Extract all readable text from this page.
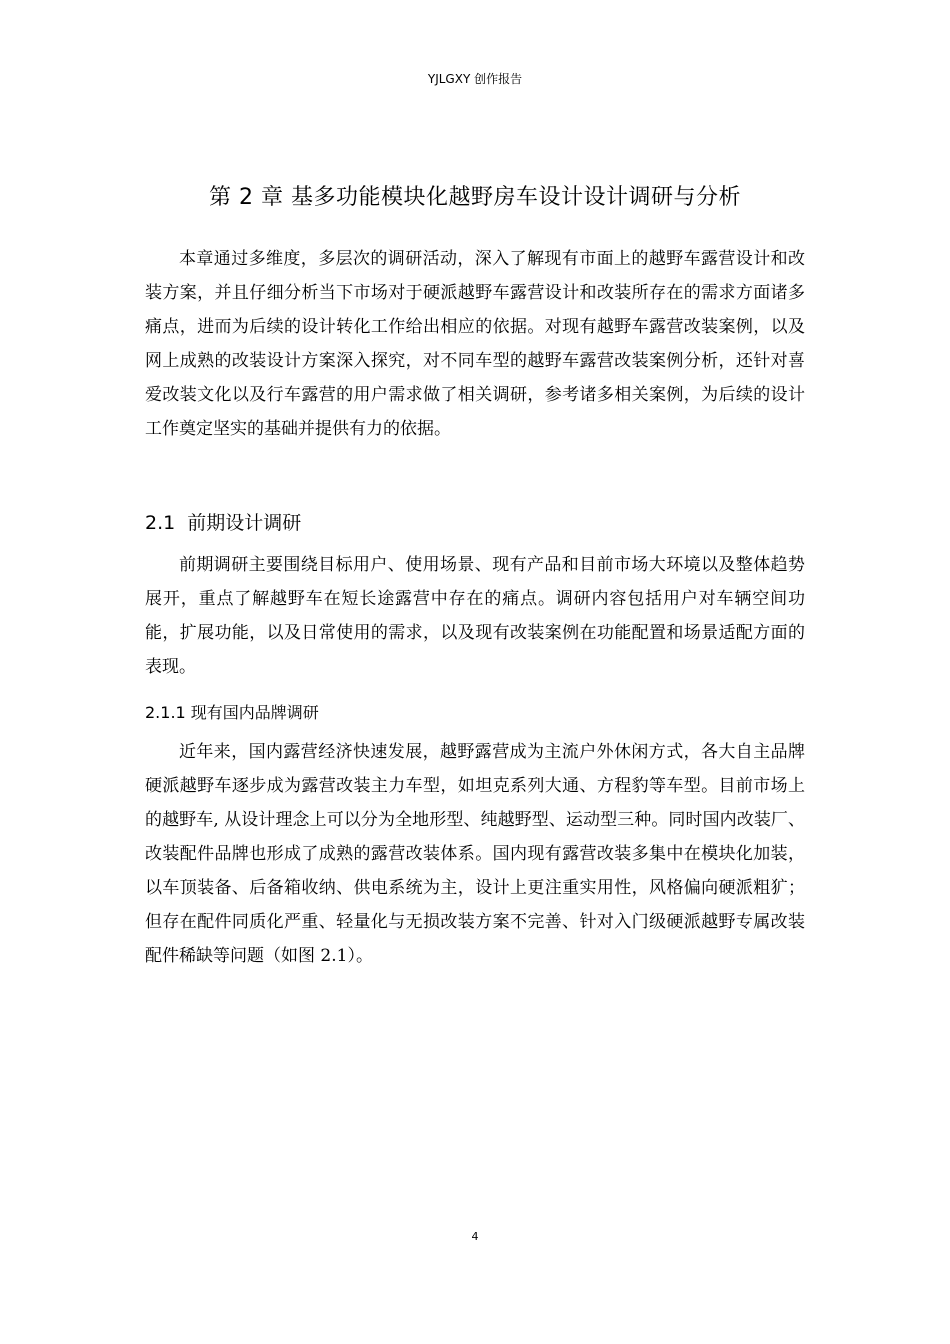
YJLGXY 创作报告
第 2 章 基多功能模块化越野房车设计设计调研与分析

本章通过多维度，多层次的调研活动，深入了解现有市面上的越野车露营设计和改装方案，并且仔细分析当下市场对于硬派越野车露营设计和改装所存在的需求方面诸多痛点，进而为后续的设计转化工作给出相应的依据。对现有越野车露营改装案例，以及网上成熟的改装设计方案深入探究，对不同车型的越野车露营改装案例分析，还针对喜爱改装文化以及行车露营的用户需求做了相关调研，参考诸多相关案例，为后续的设计工作奠定坚实的基础并提供有力的依据。

2.1 前期设计调研

前期调研主要围绕目标用户、使用场景、现有产品和目前市场大环境以及整体趋势展开，重点了解越野车在短长途露营中存在的痛点。调研内容包括用户对车辆空间功能，扩展功能，以及日常使用的需求，以及现有改装案例在功能配置和场景适配方面的表现。

2.1.1 现有国内品牌调研

近年来，国内露营经济快速发展，越野露营成为主流户外休闲方式，各大自主品牌硬派越野车逐步成为露营改装主力车型，如坦克系列大通、方程豹等车型。目前市场上的越野车, 从设计理念上可以分为全地形型、纯越野型、运动型三种。同时国内改装厂、改装配件品牌也形成了成熟的露营改装体系。国内现有露营改装多集中在模块化加装，以车顶装备、后备箱收纳、供电系统为主，设计上更注重实用性，风格偏向硬派粗犷；但存在配件同质化严重、轻量化与无损改装方案不完善、针对入门级硬派越野专属改装配件稀缺等问题（如图 2.1）。

4
